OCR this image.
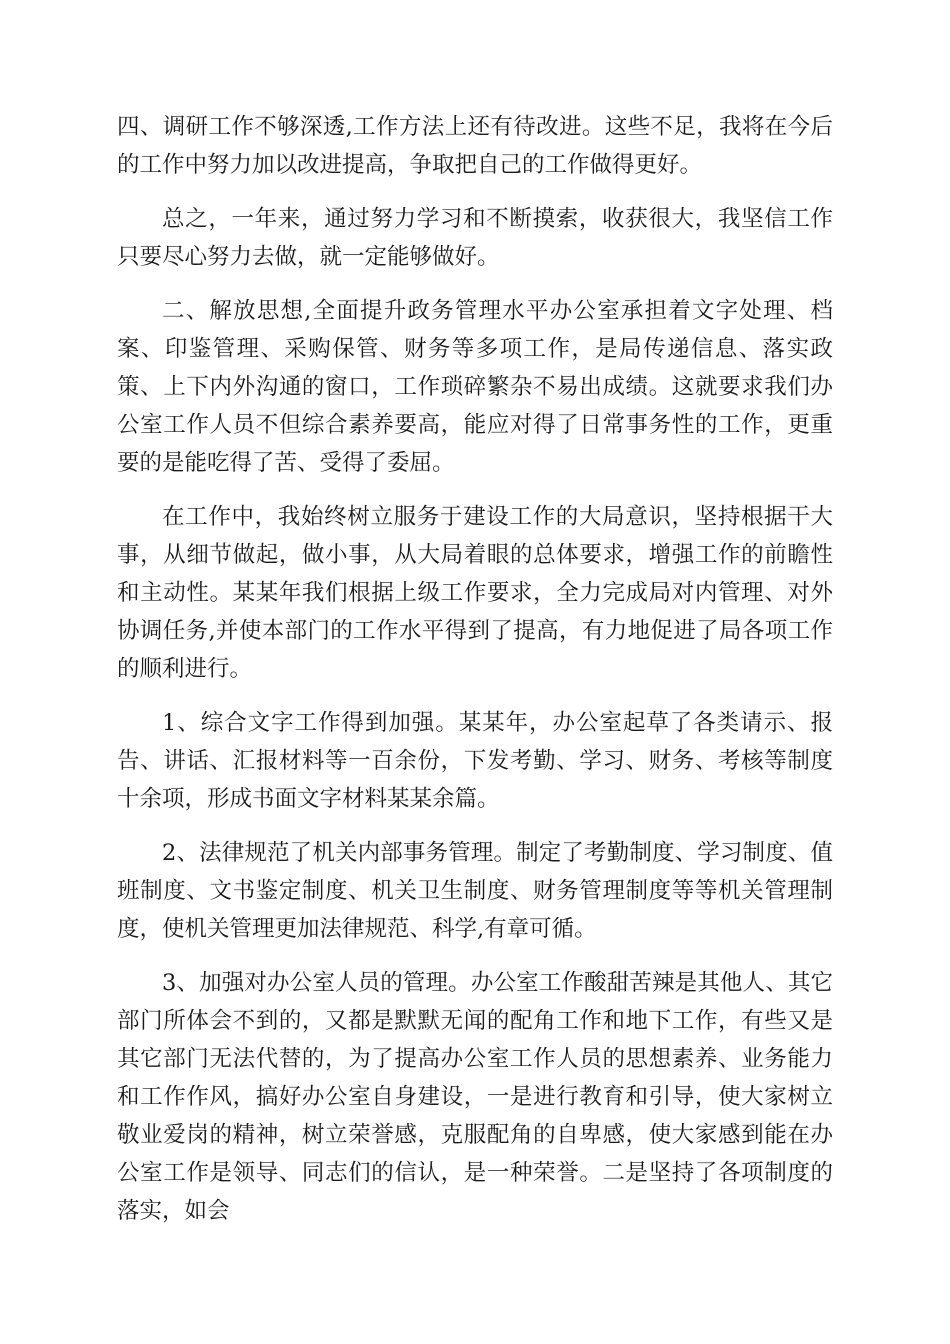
四、调研工作不够深透,工作方法上还有待改进。这些不足，我将在今后的工作中努力加以改进提高，争取把自己的工作做得更好。

总之，一年来，通过努力学习和不断摸索，收获很大，我坚信工作只要尽心努力去做，就一定能够做好。

二、解放思想,全面提升政务管理水平办公室承担着文字处理、档案、印鉴管理、采购保管、财务等多项工作，是局传递信息、落实政策、上下内外沟通的窗口，工作琐碎繁杂不易出成绩。这就要求我们办公室工作人员不但综合素养要高，能应对得了日常事务性的工作，更重要的是能吃得了苦、受得了委屈。

在工作中，我始终树立服务于建设工作的大局意识，坚持根据干大事，从细节做起，做小事，从大局着眼的总体要求，增强工作的前瞻性和主动性。某某年我们根据上级工作要求，全力完成局对内管理、对外协调任务,并使本部门的工作水平得到了提高，有力地促进了局各项工作的顺利进行。

1、综合文字工作得到加强。某某年，办公室起草了各类请示、报告、讲话、汇报材料等一百余份，下发考勤、学习、财务、考核等制度十余项，形成书面文字材料某某余篇。

2、法律规范了机关内部事务管理。制定了考勤制度、学习制度、值班制度、文书鉴定制度、机关卫生制度、财务管理制度等等机关管理制度，使机关管理更加法律规范、科学,有章可循。

3、加强对办公室人员的管理。办公室工作酸甜苦辣是其他人、其它部门所体会不到的，又都是默默无闻的配角工作和地下工作，有些又是其它部门无法代替的，为了提高办公室工作人员的思想素养、业务能力和工作作风，搞好办公室自身建设，一是进行教育和引导，使大家树立敬业爱岗的精神，树立荣誉感，克服配角的自卑感，使大家感到能在办公室工作是领导、同志们的信认，是一种荣誉。二是坚持了各项制度的落实，如会
